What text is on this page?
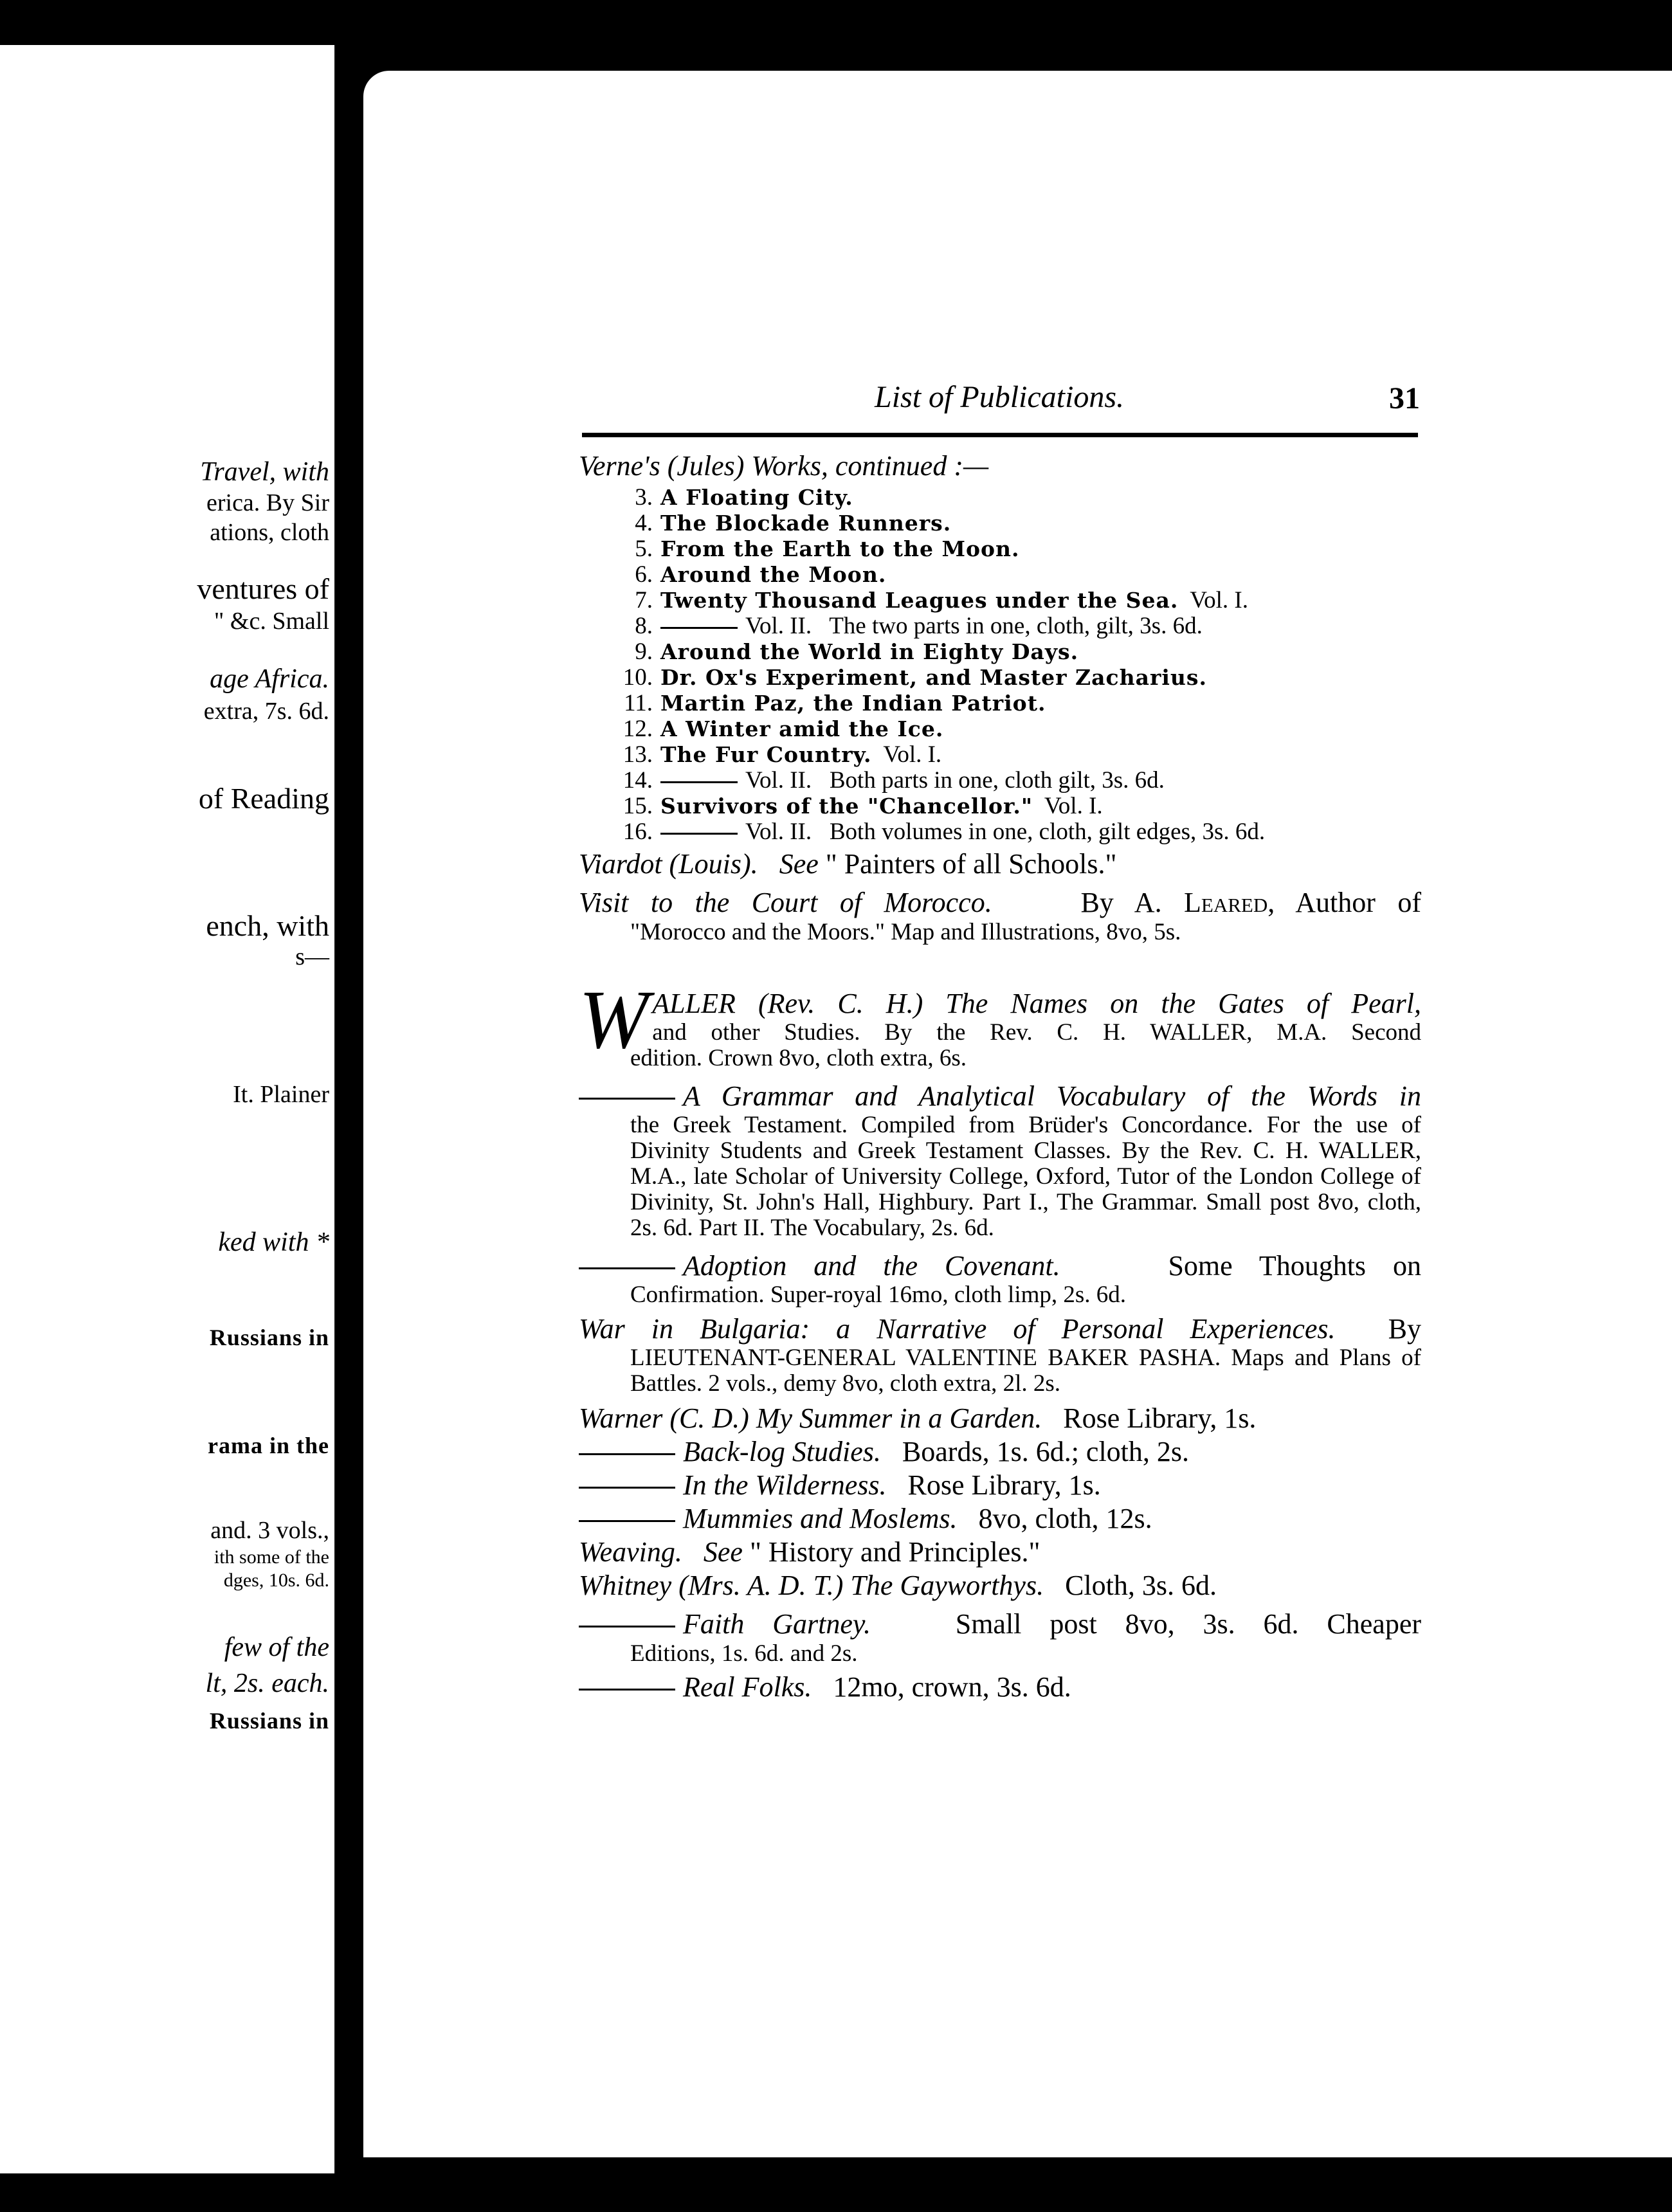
Travel, with
erica. By Sir
ations, cloth
ventures of
" &c. Small
age Africa.
extra, 7s. 6d.
of Reading
ench, with
s—
It. Plainer
ked with *
Russians in
rama in the
and. 3 vols.,
ith some of the
dges, 10s. 6d.
few of the
lt, 2s. each.
Russians in
List of Publications.	31

Verne's (Jules) Works, continued :—

3. A Floating City.
4. The Blockade Runners.
5. From the Earth to the Moon.
6. Around the Moon.
7. Twenty Thousand Leagues under the Sea.  Vol. I.
8.	Vol. II.   The two parts in one, cloth, gilt, 3s. 6d.
9. Around the World in Eighty Days.
10. Dr. Ox's Experiment, and Master Zacharius.
11. Martin Paz, the Indian Patriot.
12. A Winter amid the Ice.
13. The Fur Country.  Vol. I.
14.	Vol. II.   Both parts in one, cloth gilt, 3s. 6d.
15. Survivors of the "Chancellor."  Vol. I.
16.	Vol. II.   Both volumes in one, cloth, gilt edges, 3s. 6d.

Viardot (Louis). See " Painters of all Schools."

Visit to the Court of Morocco.	By A. Leared, Author of

"Morocco and the Moors." Map and Illustrations, 8vo, 5s.

W ALLER (Rev. C. H.) The Names on the Gates of Pearl,

and other Studies. By the Rev. C. H. WALLER, M.A. Second

edition. Crown 8vo, cloth extra, 6s.

A Grammar and Analytical Vocabulary of the Words in

the Greek Testament. Compiled from Brüder's Concordance. For the use of Divinity Students and Greek Testament Classes. By the Rev. C. H. WALLER, M.A., late Scholar of University College, Oxford, Tutor of the London College of Divinity, St. John's Hall, Highbury. Part I., The Grammar. Small post 8vo, cloth, 2s. 6d. Part II. The Vocabulary, 2s. 6d.

Adoption and the Covenant.	Some Thoughts on

Confirmation. Super-royal 16mo, cloth limp, 2s. 6d.

War in Bulgaria: a Narrative of Personal Experiences. By

LIEUTENANT-GENERAL VALENTINE BAKER PASHA. Maps and Plans of Battles. 2 vols., demy 8vo, cloth extra, 2l. 2s.

Warner (C. D.) My Summer in a Garden. Rose Library, 1s.

Back-log Studies. Boards, 1s. 6d.; cloth, 2s.

In the Wilderness. Rose Library, 1s.

Mummies and Moslems. 8vo, cloth, 12s.

Weaving. See " History and Principles."

Whitney (Mrs. A. D. T.) The Gayworthys. Cloth, 3s. 6d.

Faith Gartney.	Small post 8vo, 3s. 6d. Cheaper

Editions, 1s. 6d. and 2s.

Real Folks. 12mo, crown, 3s. 6d.
